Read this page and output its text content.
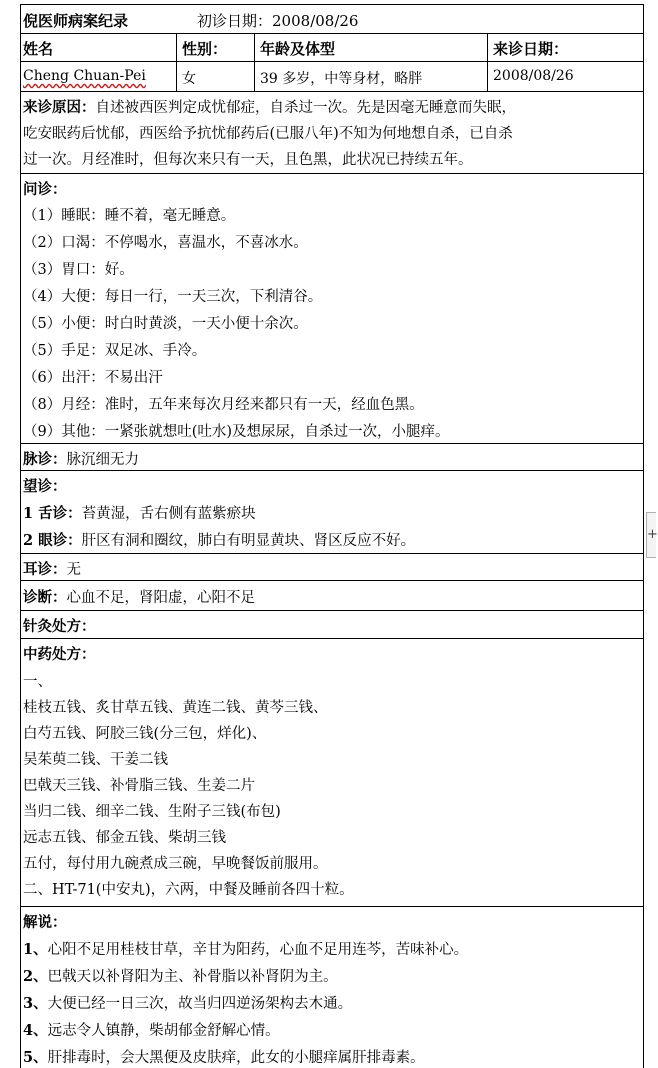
倪医师病案纪录	初诊日期：2008/08/26
姓名	性别：	年龄及体型	来诊日期：
Cheng Chuan-Pei	女	39 多岁，中等身材，略胖	2008/08/26
来诊原因：自述被西医判定成忧郁症，自杀过一次。先是因毫无睡意而失眠，
吃安眠药后忧郁，西医给予抗忧郁药后(已服八年)不知为何地想自杀，已自杀
过一次。月经准时，但每次来只有一天，且色黑，此状况已持续五年。
问诊：
（1）睡眠：睡不着，毫无睡意。
（2）口渴：不停喝水，喜温水，不喜冰水。
（3）胃口：好。
（4）大便：每日一行，一天三次，下利清谷。
（5）小便：时白时黄淡，一天小便十余次。
（5）手足：双足冰、手冷。
（6）出汗：不易出汗
（8）月经：准时，五年来每次月经来都只有一天，经血色黑。
（9）其他：一紧张就想吐(吐水)及想尿尿，自杀过一次，小腿痒。
脉诊：脉沉细无力
望诊：
1 舌诊：苔黄湿，舌右侧有蓝紫瘀块
2 眼诊：肝区有洞和圈纹，肺白有明显黄块、肾区反应不好。
耳诊：无
诊断：心血不足，肾阳虚，心阳不足
针灸处方：
中药处方：
一、
桂枝五钱、炙甘草五钱、黄连二钱、黄芩三钱、
白芍五钱、阿胶三钱(分三包，烊化)、
吴茱萸二钱、干姜二钱
巴戟天三钱、补骨脂三钱、生姜二片
当归二钱、细辛二钱、生附子三钱(布包)
远志五钱、郁金五钱、柴胡三钱
五付，每付用九碗煮成三碗，早晚餐饭前服用。
二、HT-71(中安丸)，六两，中餐及睡前各四十粒。
解说：
1、心阳不足用桂枝甘草，辛甘为阳药，心血不足用连芩，苦味补心。
2、巴戟天以补肾阳为主、补骨脂以补肾阴为主。
3、大便已经一日三次，故当归四逆汤架构去木通。
4、远志令人镇静，柴胡郁金舒解心情。
5、肝排毒时，会大黑便及皮肤痒，此女的小腿痒属肝排毒素。
+
